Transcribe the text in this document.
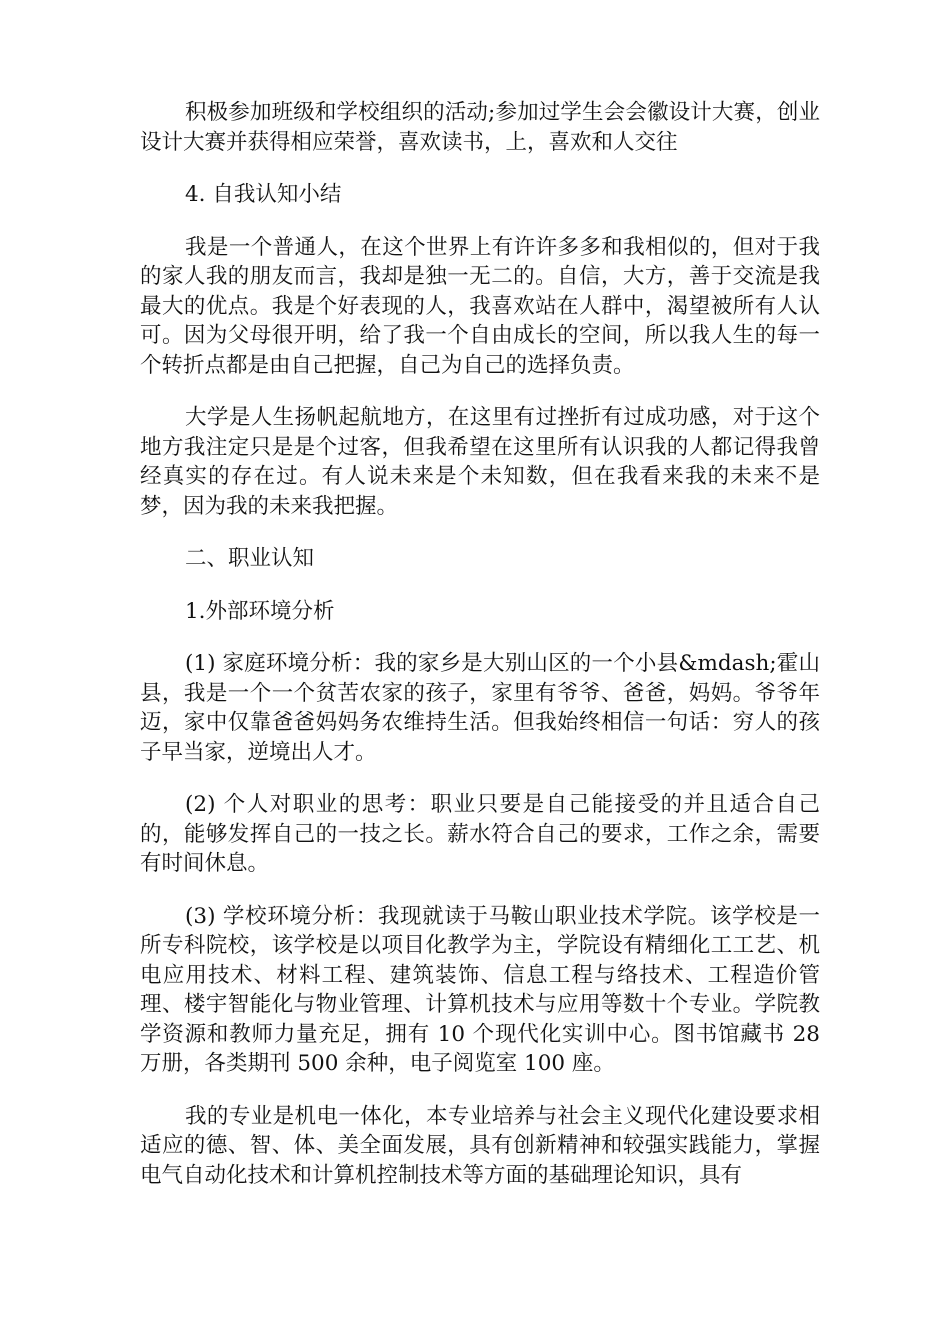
积极参加班级和学校组织的活动;参加过学生会会徽设计大赛，创业设计大赛并获得相应荣誉，喜欢读书，上，喜欢和人交往

4. 自我认知小结

我是一个普通人，在这个世界上有许许多多和我相似的，但对于我的家人我的朋友而言，我却是独一无二的。自信，大方，善于交流是我最大的优点。我是个好表现的人，我喜欢站在人群中，渴望被所有人认可。因为父母很开明，给了我一个自由成长的空间，所以我人生的每一个转折点都是由自己把握，自己为自己的选择负责。

大学是人生扬帆起航地方，在这里有过挫折有过成功感，对于这个地方我注定只是是个过客，但我希望在这里所有认识我的人都记得我曾经真实的存在过。有人说未来是个未知数，但在我看来我的未来不是梦，因为我的未来我把握。

二、职业认知

1.外部环境分析

(1) 家庭环境分析：我的家乡是大别山区的一个小县&mdash;霍山县，我是一个一个贫苦农家的孩子，家里有爷爷、爸爸，妈妈。爷爷年迈，家中仅靠爸爸妈妈务农维持生活。但我始终相信一句话：穷人的孩子早当家，逆境出人才。

(2) 个人对职业的思考：职业只要是自己能接受的并且适合自己的，能够发挥自己的一技之长。薪水符合自己的要求，工作之余，需要有时间休息。

(3) 学校环境分析：我现就读于马鞍山职业技术学院。该学校是一所专科院校，该学校是以项目化教学为主，学院设有精细化工工艺、机电应用技术、材料工程、建筑装饰、信息工程与络技术、工程造价管理、楼宇智能化与物业管理、计算机技术与应用等数十个专业。学院教学资源和教师力量充足，拥有 10 个现代化实训中心。图书馆藏书 28 万册，各类期刊 500 余种，电子阅览室 100 座。

我的专业是机电一体化，本专业培养与社会主义现代化建设要求相适应的德、智、体、美全面发展，具有创新精神和较强实践能力，掌握电气自动化技术和计算机控制技术等方面的基础理论知识，具有
